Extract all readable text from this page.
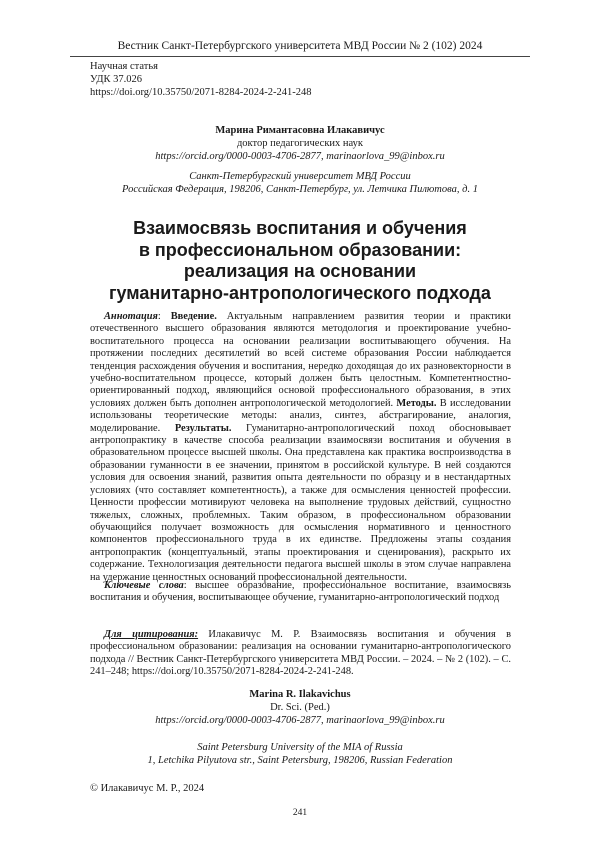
Вестник Санкт-Петербургского университета МВД России № 2 (102) 2024
Научная статья
УДК 37.026
https://doi.org/10.35750/2071-8284-2024-2-241-248
Марина Римантасовна Илакавичус
доктор педагогических наук
https://orcid.org/0000-0003-4706-2877, marinaorlova_99@inbox.ru
Санкт-Петербургский университет МВД России
Российская Федерация, 198206, Санкт-Петербург, ул. Летчика Пилютова, д. 1
Взаимосвязь воспитания и обучения
в профессиональном образовании:
реализация на основании
гуманитарно-антропологического подхода
Аннотация: Введение. Актуальным направлением развития теории и практики отечественного высшего образования являются методология и проектирование учебно-воспитательного процесса на основании реализации воспитывающего обучения. На протяжении последних десятилетий во всей системе образования России наблюдается тенденция расхождения обучения и воспитания, нередко доходящая до их разновекторности в учебно-воспитательном процессе, который должен быть целостным. Компетентностно-ориентированный подход, являющийся основой профессионального образования, в этих условиях должен быть дополнен антропологической методологией. Методы. В исследовании использованы теоретические методы: анализ, синтез, абстрагирование, аналогия, моделирование. Результаты. Гуманитарно-антропологический поход обосновывает антропопрактику в качестве способа реализации взаимосвязи воспитания и обучения в образовательном процессе высшей школы. Она представлена как практика воспроизводства в образовании гуманности в ее значении, принятом в российской культуре. В ней создаются условия для освоения знаний, развития опыта деятельности по образцу и в нестандартных условиях (что составляет компетентность), а также для осмысления ценностей профессии. Ценности профессии мотивируют человека на выполнение трудовых действий, сущностно тяжелых, сложных, проблемных. Таким образом, в профессиональном образовании обучающийся получает возможность для осмысления нормативного и ценностного компонентов профессионального труда в их единстве. Предложены этапы создания антропопрактик (концептуальный, этапы проектирования и сценирования), раскрыто их содержание. Технологизация деятельности педагога высшей школы в этом случае направлена на удержание ценностных оснований профессиональной деятельности.
Ключевые слова: высшее образование, профессиональное воспитание, взаимосвязь воспитания и обучения, воспитывающее обучение, гуманитарно-антропологический подход
Для цитирования: Илакавичус М. Р. Взаимосвязь воспитания и обучения в профессиональном образовании: реализация на основании гуманитарно-антропологического подхода // Вестник Санкт-Петербургского университета МВД России. – 2024. – № 2 (102). – С. 241–248; https://doi.org/10.35750/2071-8284-2024-2-241-248.
Marina R. Ilakavichus
Dr. Sci. (Ped.)
https://orcid.org/0000-0003-4706-2877, marinaorlova_99@inbox.ru
Saint Petersburg University of the MIA of Russia
1, Letchika Pilyutova str., Saint Petersburg, 198206, Russian Federation
© Илакавичус М. Р., 2024
241
